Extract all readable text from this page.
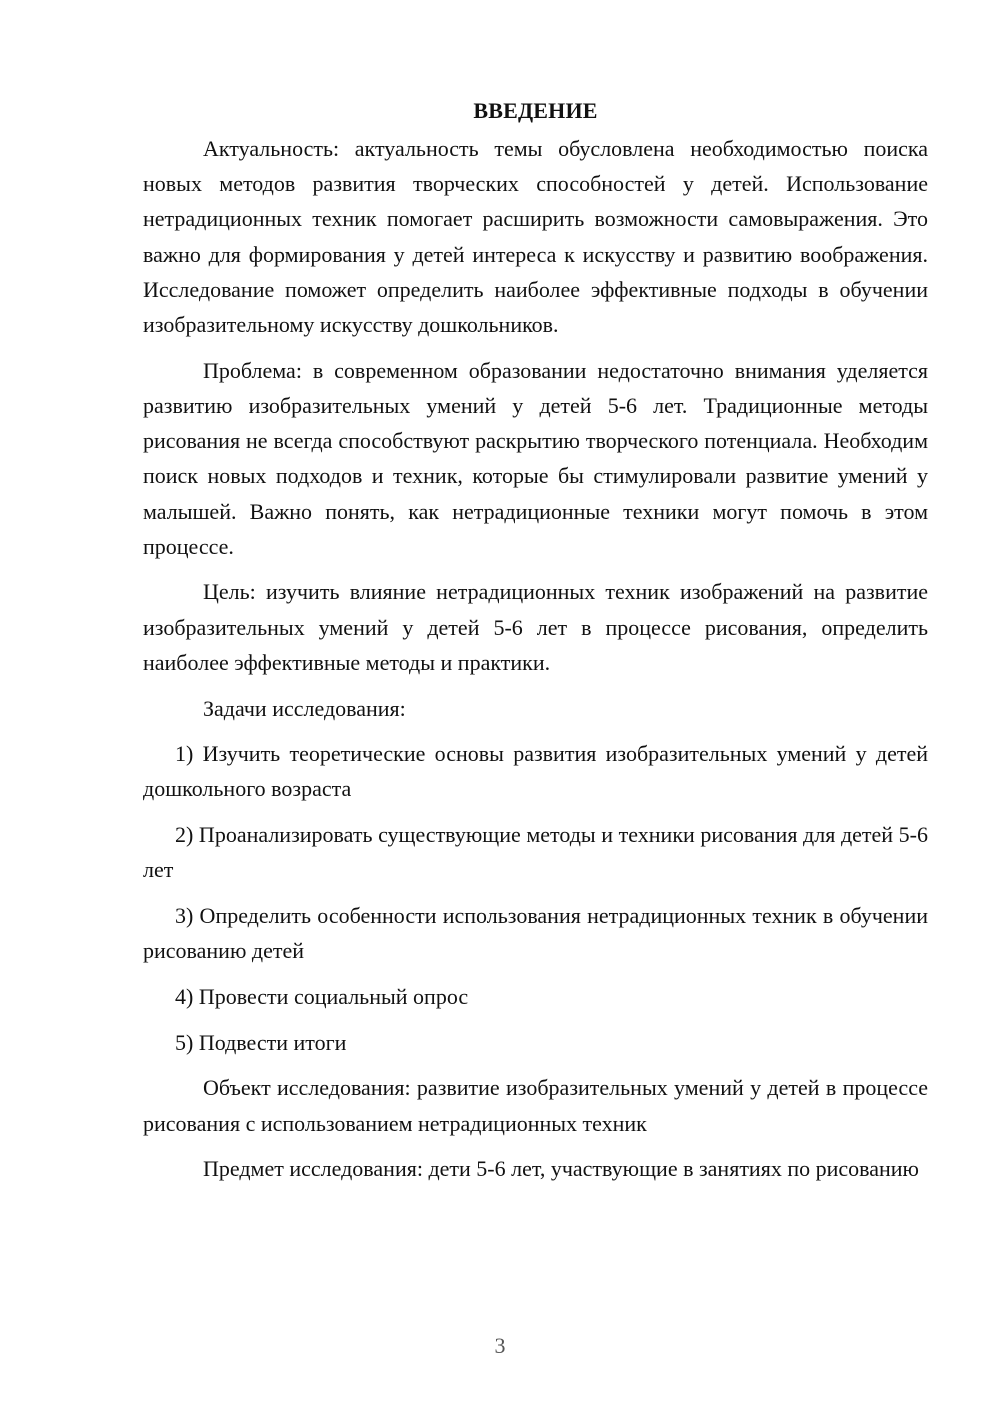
ВВЕДЕНИЕ

Актуальность: актуальность темы обусловлена необходимостью поиска новых методов развития творческих способностей у детей. Использование нетрадиционных техник помогает расширить возможности самовыражения. Это важно для формирования у детей интереса к искусству и развитию воображения. Исследование поможет определить наиболее эффективные подходы в обучении изобразительному искусству дошкольников.

Проблема: в современном образовании недостаточно внимания уделяется развитию изобразительных умений у детей 5-6 лет. Традиционные методы рисования не всегда способствуют раскрытию творческого потенциала. Необходим поиск новых подходов и техник, которые бы стимулировали развитие умений у малышей. Важно понять, как нетрадиционные техники могут помочь в этом процессе.

Цель: изучить влияние нетрадиционных техник изображений на развитие изобразительных умений у детей 5-6 лет в процессе рисования, определить наиболее эффективные методы и практики.

Задачи исследования:

1) Изучить теоретические основы развития изобразительных умений у детей дошкольного возраста

2) Проанализировать существующие методы и техники рисования для детей 5-6 лет

3) Определить особенности использования нетрадиционных техник в обучении рисованию детей

4) Провести социальный опрос

5) Подвести итоги

Объект исследования: развитие изобразительных умений у детей в процессе рисования с использованием нетрадиционных техник

Предмет исследования: дети 5-6 лет, участвующие в занятиях по рисованию

3
